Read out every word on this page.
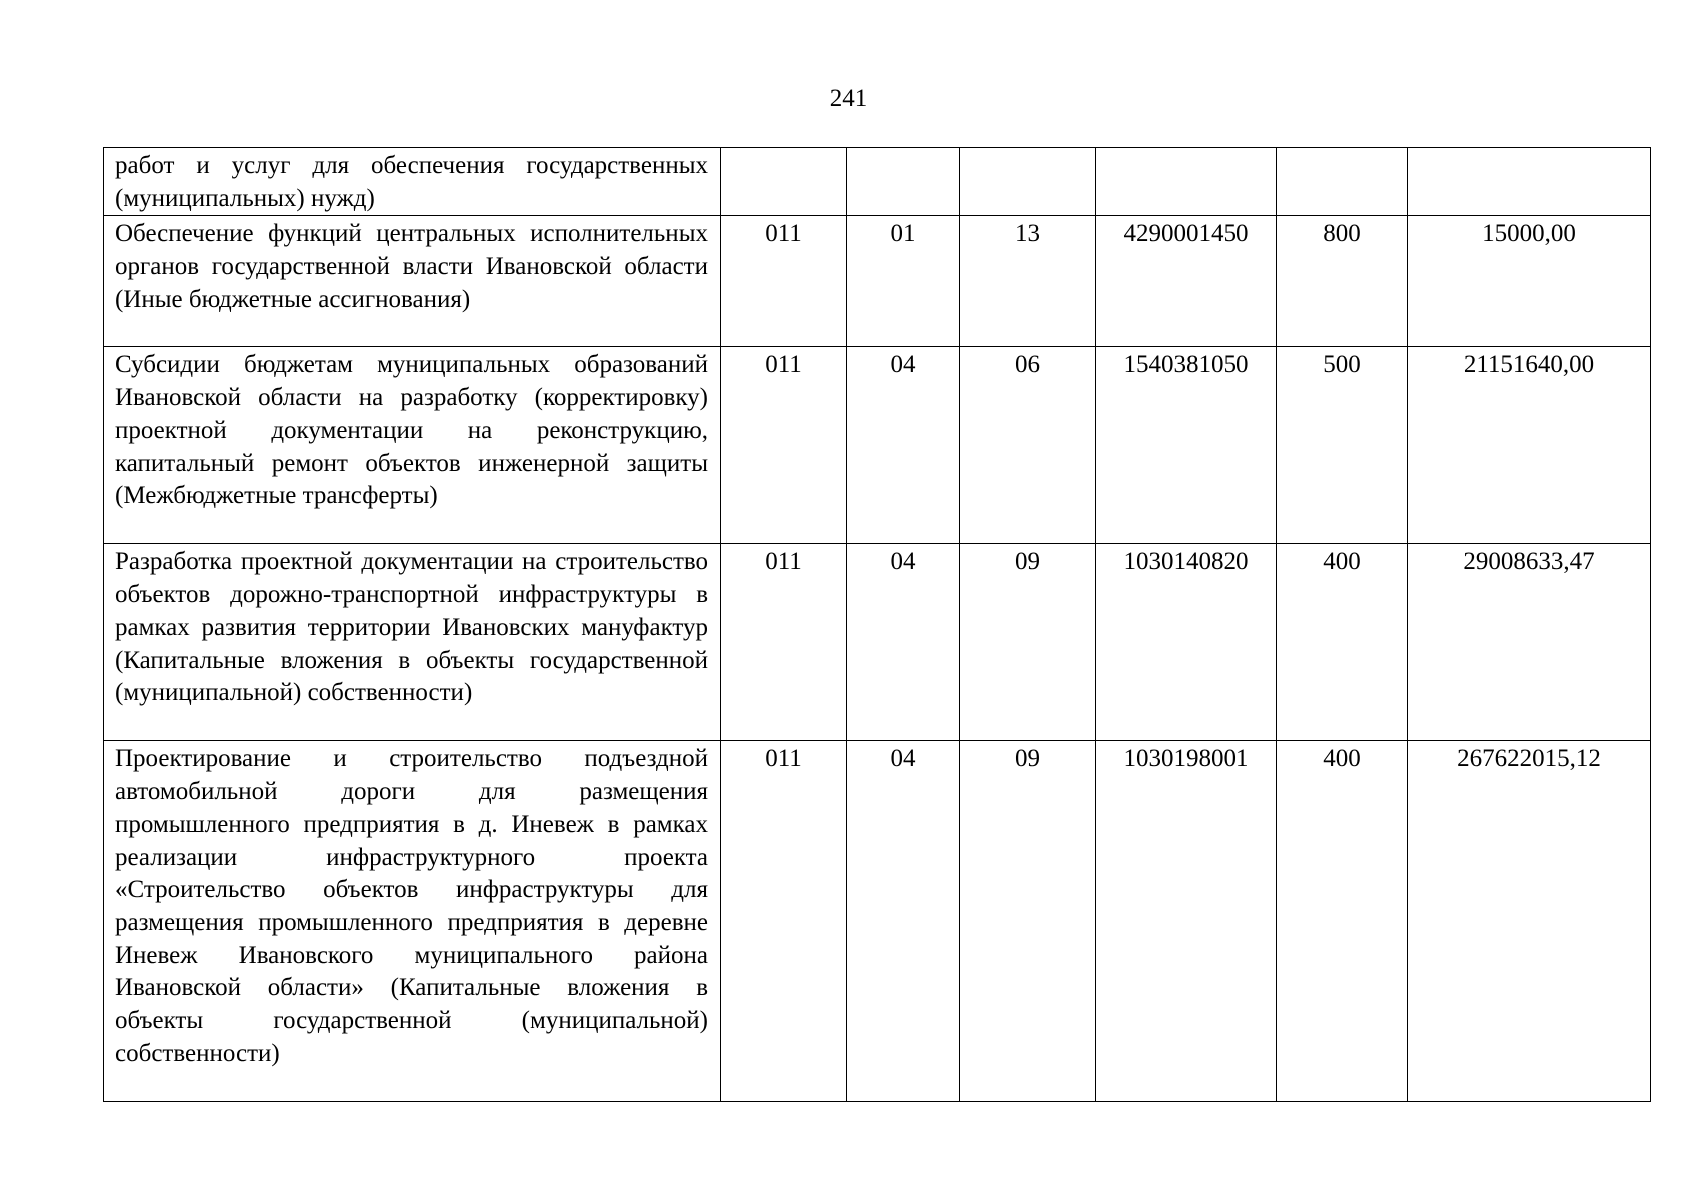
241
работ и услуг для обеспечения государственных (муниципальных) нужд)						
Обеспечение функций центральных исполнительных органов государственной власти Ивановской области (Иные бюджетные ассигнования)	011	01	13	4290001450	800	15000,00
Субсидии бюджетам муниципальных образований Ивановской области на разработку (корректировку) проектной документации на реконструкцию, капитальный ремонт объектов инженерной защиты (Межбюджетные трансферты)	011	04	06	1540381050	500	21151640,00
Разработка проектной документации на строительство объектов дорожно-транспортной инфраструктуры в рамках развития территории Ивановских мануфактур (Капитальные вложения в объекты государственной (муниципальной) собственности)	011	04	09	1030140820	400	29008633,47
Проектирование и строительство подъездной автомобильной дороги для размещения промышленного предприятия в д. Иневеж в рамках реализации инфраструктурного проекта «Строительство объектов инфраструктуры для размещения промышленного предприятия в деревне Иневеж Ивановского муниципального района Ивановской области» (Капитальные вложения в объекты государственной (муниципальной) собственности)	011	04	09	1030198001	400	267622015,12
